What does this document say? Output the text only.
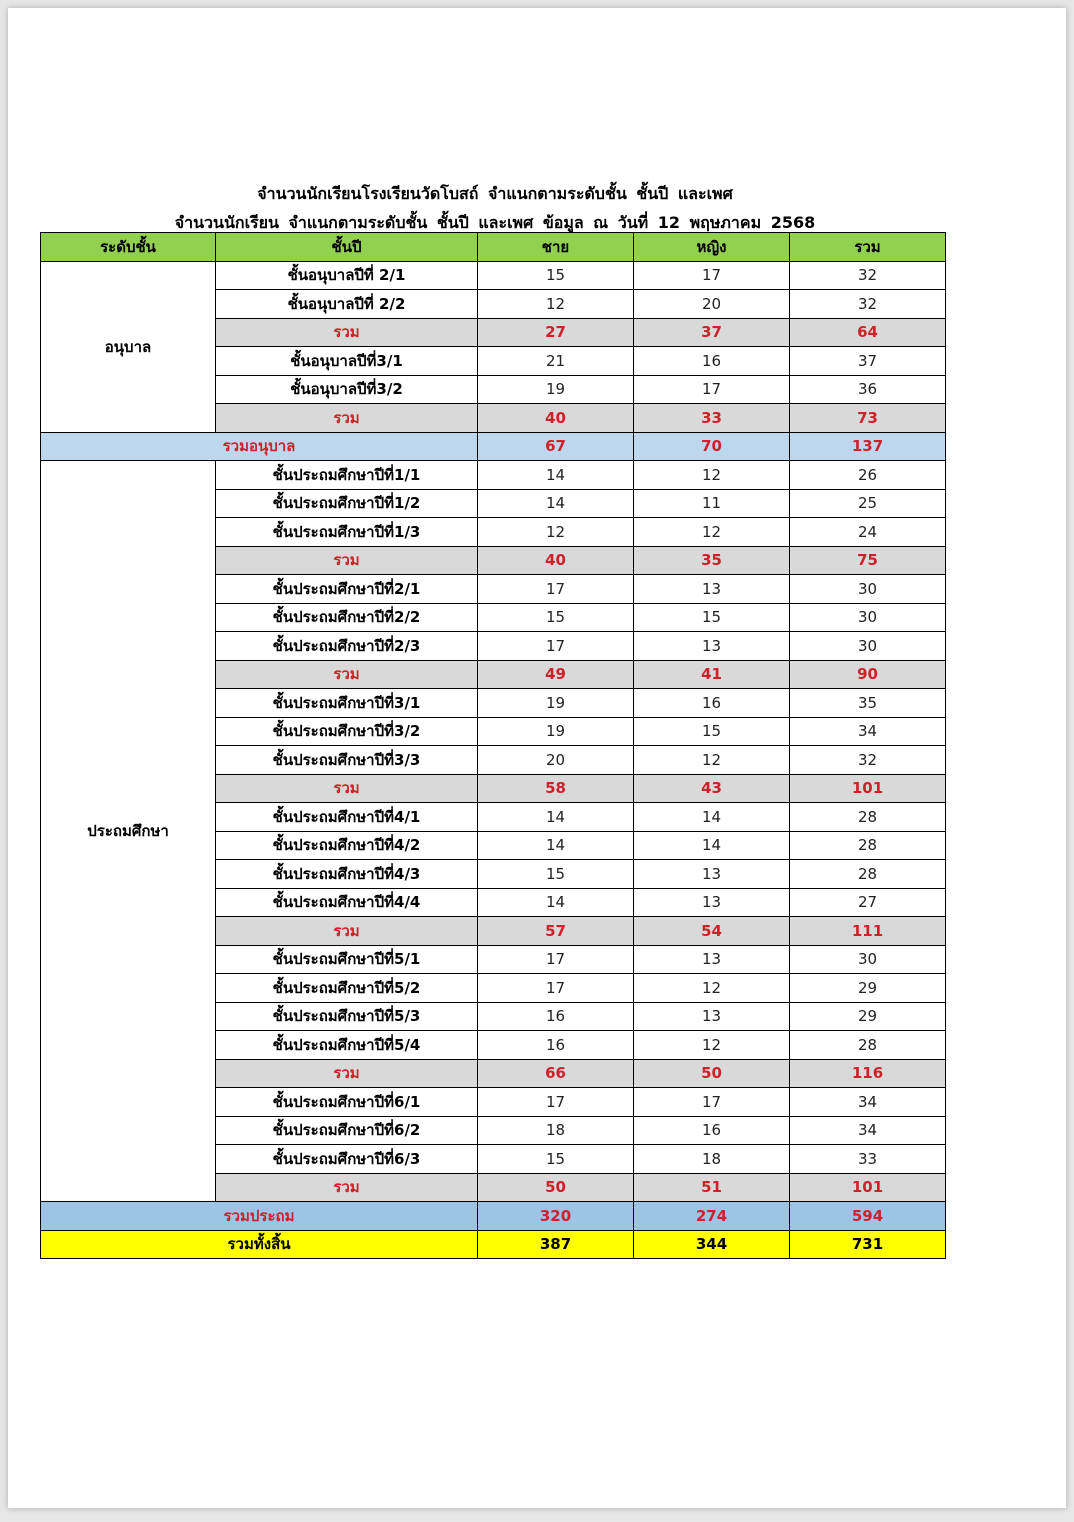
จำนวนนักเรียนโรงเรียนวัดโบสถ์ จำแนกตามระดับชั้น ชั้นปี และเพศ
จำนวนนักเรียน จำแนกตามระดับชั้น ชั้นปี และเพศ ข้อมูล ณ วันที่ 12 พฤษภาคม 2568
ระดับชั้น	ชั้นปี	ชาย	หญิง	รวม
อนุบาล	ชั้นอนุบาลปีที่ 2/1	15	17	32
	ชั้นอนุบาลปีที่ 2/2	12	20	32
	รวม	27	37	64
	ชั้นอนุบาลปีที่3/1	21	16	37
	ชั้นอนุบาลปีที่3/2	19	17	36
	รวม	40	33	73
รวมอนุบาล		67	70	137
ประถมศึกษา	ชั้นประถมศึกษาปีที่1/1	14	12	26
	ชั้นประถมศึกษาปีที่1/2	14	11	25
	ชั้นประถมศึกษาปีที่1/3	12	12	24
	รวม	40	35	75
	ชั้นประถมศึกษาปีที่2/1	17	13	30
	ชั้นประถมศึกษาปีที่2/2	15	15	30
	ชั้นประถมศึกษาปีที่2/3	17	13	30
	รวม	49	41	90
	ชั้นประถมศึกษาปีที่3/1	19	16	35
	ชั้นประถมศึกษาปีที่3/2	19	15	34
	ชั้นประถมศึกษาปีที่3/3	20	12	32
	รวม	58	43	101
	ชั้นประถมศึกษาปีที่4/1	14	14	28
	ชั้นประถมศึกษาปีที่4/2	14	14	28
	ชั้นประถมศึกษาปีที่4/3	15	13	28
	ชั้นประถมศึกษาปีที่4/4	14	13	27
	รวม	57	54	111
	ชั้นประถมศึกษาปีที่5/1	17	13	30
	ชั้นประถมศึกษาปีที่5/2	17	12	29
	ชั้นประถมศึกษาปีที่5/3	16	13	29
	ชั้นประถมศึกษาปีที่5/4	16	12	28
	รวม	66	50	116
	ชั้นประถมศึกษาปีที่6/1	17	17	34
	ชั้นประถมศึกษาปีที่6/2	18	16	34
	ชั้นประถมศึกษาปีที่6/3	15	18	33
	รวม	50	51	101
รวมประถม		320	274	594
รวมทั้งสิ้น		387	344	731
